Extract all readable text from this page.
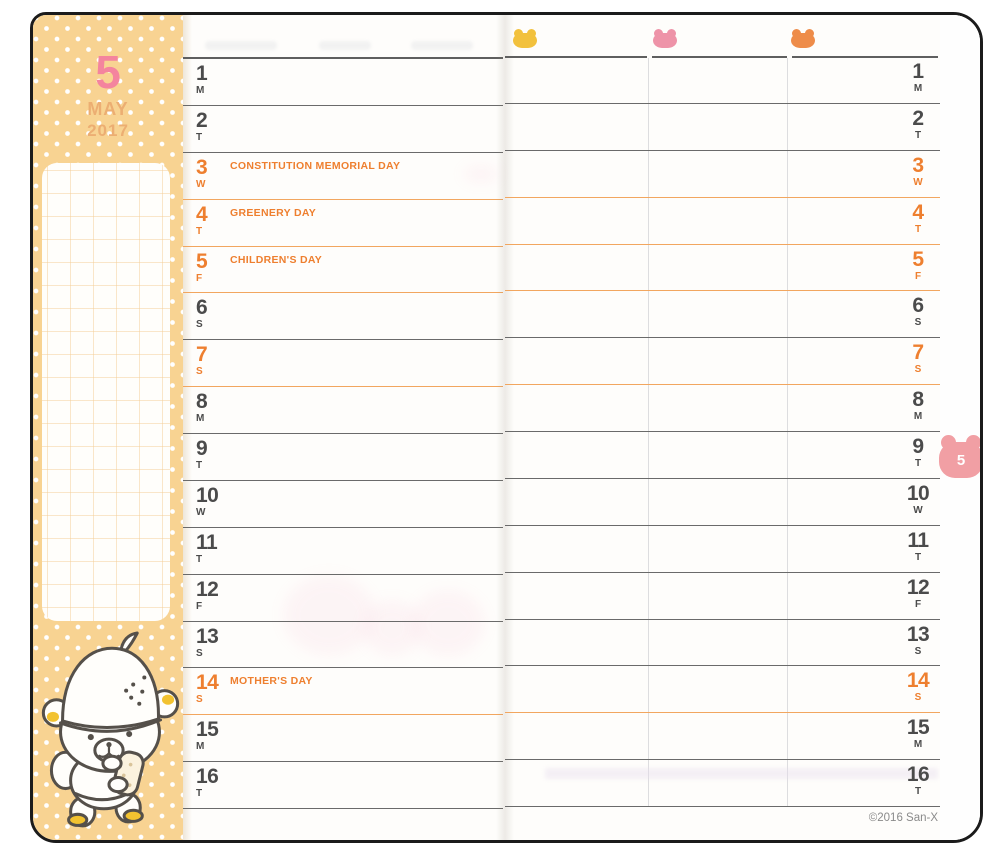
5
MAY
2017
1
M
2
T
3
W
CONSTITUTION MEMORIAL DAY
4
T
GREENERY DAY
5
F
CHILDREN'S DAY
6
S
7
S
8
M
9
T
10
W
11
T
12
F
13
S
14
S
MOTHER'S DAY
15
M
16
T
1
M
2
T
3
W
4
T
5
F
6
S
7
S
8
M
9
T
10
W
11
T
12
F
13
S
14
S
15
M
16
T
©2016 San-X
5
